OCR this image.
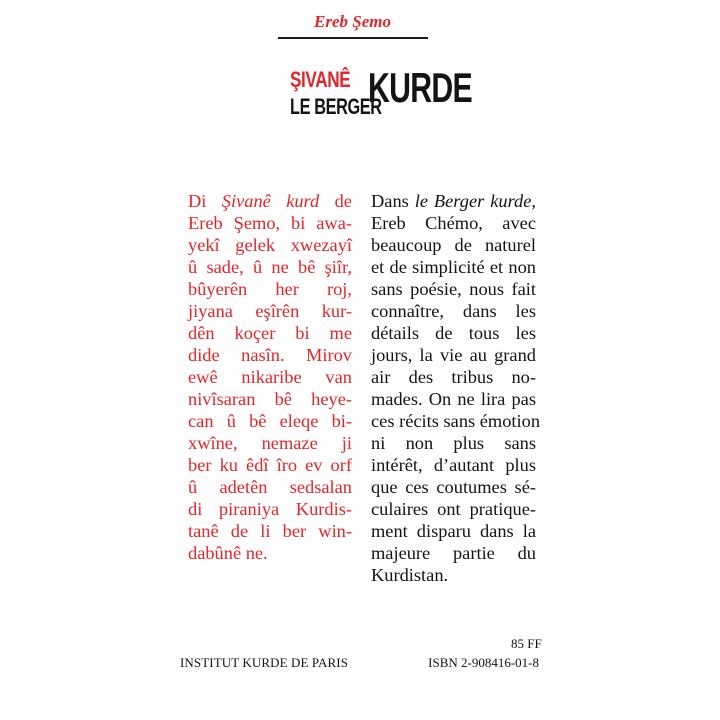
Ereb Şemo
ŞIVANÊ KURDE
LE BERGER
Di Şivanê kurd de
Ereb Şemo, bi awa-
yekî gelek xwezayî
û sade, û ne bê şiîr,
bûyerên her roj,
jiyana eşîrên kur-
dên koçer bi me
dide nasîn. Mirov
ewê nikaribe van
nivîsaran bê heye-
can û bê eleqe bi-
xwîne, nemaze ji
ber ku êdî îro ev orf
û adetên sedsalan
di piraniya Kurdis-
tanê de li ber win-
dabûnê ne.
Dans le Berger kurde,
Ereb Chémo, avec
beaucoup de naturel
et de simplicité et non
sans poésie, nous fait
connaître, dans les
détails de tous les
jours, la vie au grand
air des tribus no-
mades. On ne lira pas
ces récits sans émotion
ni non plus sans
intérêt, d’autant plus
que ces coutumes sé-
culaires ont pratique-
ment disparu dans la
majeure partie du
Kurdistan.
INSTITUT KURDE DE PARIS
85 FF
ISBN 2-908416-01-8
